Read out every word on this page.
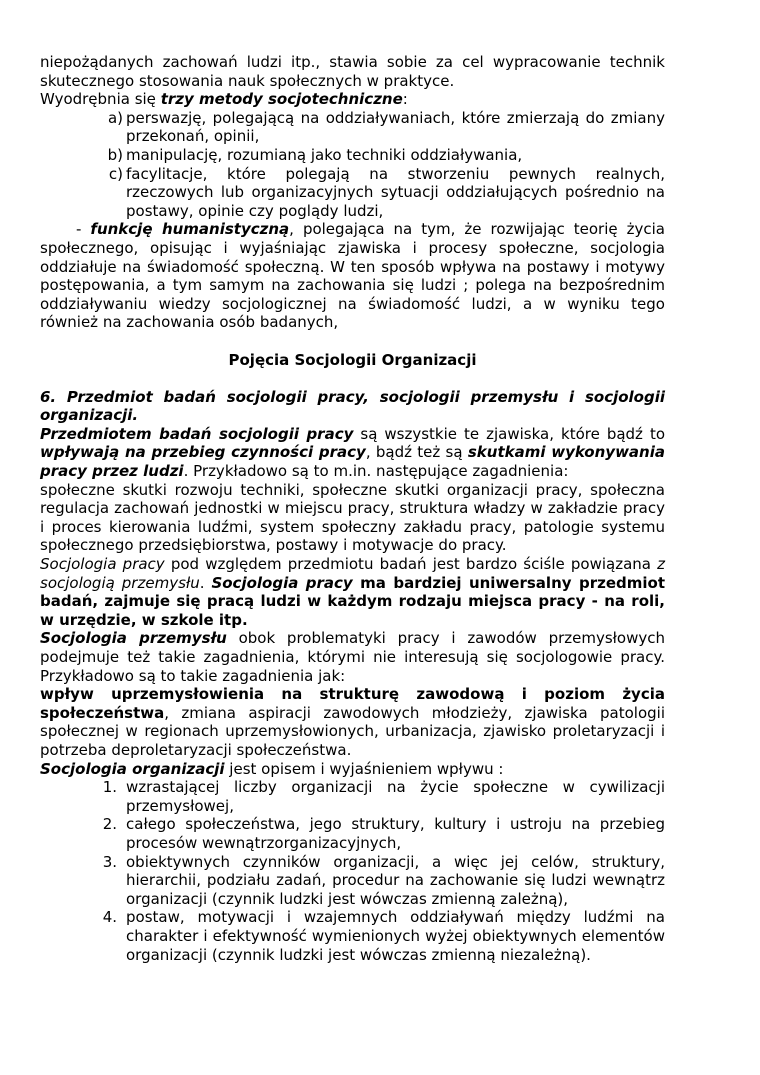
niepożądanych zachowań ludzi itp., stawia sobie za cel wypracowanie technik skutecznego stosowania nauk społecznych w praktyce.

Wyodrębnia się trzy metody socjotechniczne:

a) perswazję, polegającą na oddziaływaniach, które zmierzają do zmiany przekonań, opinii,
b) manipulację, rozumianą jako techniki oddziaływania,
c) facylitacje, które polegają na stworzeniu pewnych realnych, rzeczowych lub organizacyjnych sytuacji oddziałujących pośrednio na postawy, opinie czy poglądy ludzi,

- funkcję humanistyczną, polegająca na tym, że rozwijając teorię życia społecznego, opisując i wyjaśniając zjawiska i procesy społeczne, socjologia oddziałuje na świadomość społeczną. W ten sposób wpływa na postawy i motywy postępowania, a tym samym na zachowania się ludzi ; polega na bezpośrednim oddziaływaniu wiedzy socjologicznej na świadomość ludzi, a w wyniku tego również na zachowania osób badanych,

Pojęcia Socjologii Organizacji

6. Przedmiot badań socjologii pracy, socjologii przemysłu i socjologii organizacji.

Przedmiotem badań socjologii pracy są wszystkie te zjawiska, które bądź to wpływają na przebieg czynności pracy, bądź też są skutkami wykonywania pracy przez ludzi. Przykładowo są to m.in. następujące zagadnienia:

społeczne skutki rozwoju techniki, społeczne skutki organizacji pracy, społeczna regulacja zachowań jednostki w miejscu pracy, struktura władzy w zakładzie pracy i proces kierowania ludźmi, system społeczny zakładu pracy, patologie systemu społecznego przedsiębiorstwa, postawy i motywacje do pracy.

Socjologia pracy pod względem przedmiotu badań jest bardzo ściśle powiązana z socjologią przemysłu. Socjologia pracy ma bardziej uniwersalny przedmiot badań, zajmuje się pracą ludzi w każdym rodzaju miejsca pracy - na roli, w urzędzie, w szkole itp.

Socjologia przemysłu obok problematyki pracy i zawodów przemysłowych podejmuje też takie zagadnienia, którymi nie interesują się socjologowie pracy. Przykładowo są to takie zagadnienia jak:

wpływ uprzemysłowienia na strukturę zawodową i poziom życia społeczeństwa, zmiana aspiracji zawodowych młodzieży, zjawiska patologii społecznej w regionach uprzemysłowionych, urbanizacja, zjawisko proletaryzacji i potrzeba deproletaryzacji społeczeństwa.

Socjologia organizacji jest opisem i wyjaśnieniem wpływu :

1. wzrastającej liczby organizacji na życie społeczne w cywilizacji przemysłowej,
2. całego społeczeństwa, jego struktury, kultury i ustroju na przebieg procesów wewnątrzorganizacyjnych,
3. obiektywnych czynników organizacji, a więc jej celów, struktury, hierarchii, podziału zadań, procedur na zachowanie się ludzi wewnątrz organizacji (czynnik ludzki jest wówczas zmienną zależną),
4. postaw, motywacji i wzajemnych oddziaływań między ludźmi na charakter i efektywność wymienionych wyżej obiektywnych elementów organizacji (czynnik ludzki jest wówczas zmienną niezależną).
